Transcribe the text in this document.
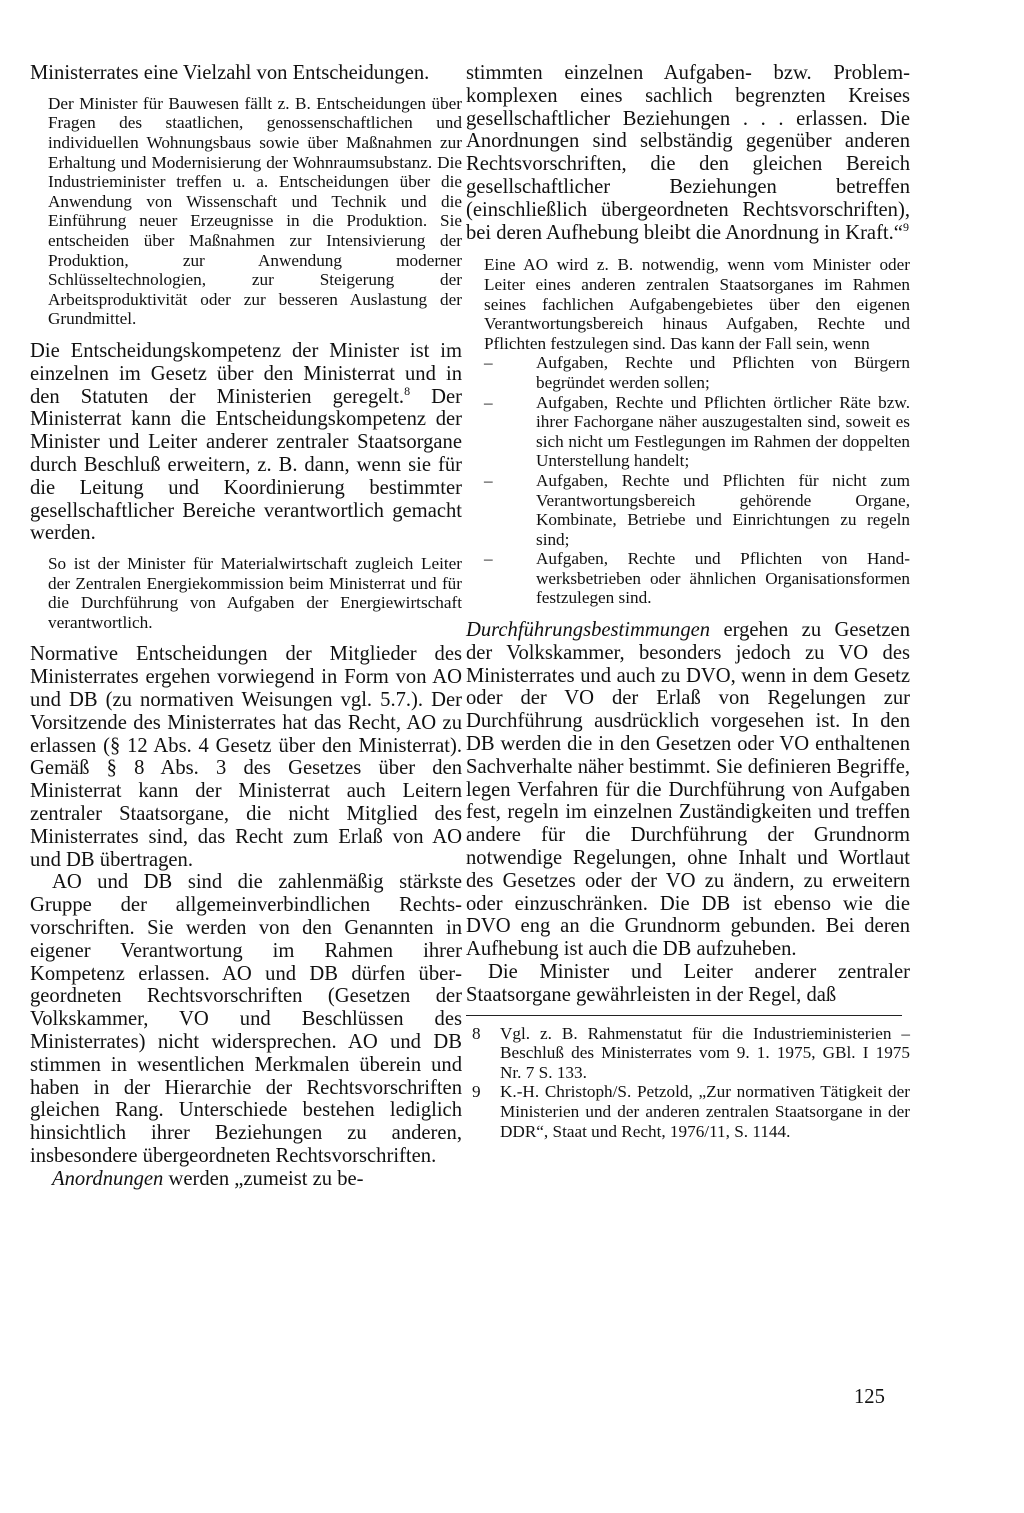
Ministerrates eine Vielzahl von Entscheidungen.

Der Minister für Bauwesen fällt z. B. Entscheidungen über Fragen des staatlichen, genossenschaftlichen und individuellen Wohnungsbaus sowie über Maßnahmen zur Erhaltung und Modernisierung der Wohnraumsubstanz. Die Industrieminister treffen u. a. Entscheidungen über die Anwendung von Wissenschaft und Technik und die Einführung neuer Erzeugnisse in die Produktion. Sie entscheiden über Maßnahmen zur Intensivierung der Produktion, zur Anwendung moderner Schlüsseltechnologien, zur Steigerung der Arbeitsproduktivität oder zur besseren Auslastung der Grundmittel.

Die Entscheidungskompetenz der Minister ist im einzelnen im Gesetz über den Ministerrat und in den Statuten der Ministerien geregelt.$^8$ Der Ministerrat kann die Entscheidungskompetenz der Minister und Leiter anderer zentraler Staatsorgane durch Beschluß erweitern, z. B. dann, wenn sie für die Leitung und Koordinierung bestimmter gesellschaftlicher Bereiche verantwortlich gemacht werden.

So ist der Minister für Materialwirtschaft zugleich Leiter der Zentralen Energiekommission beim Ministerrat und für die Durchführung von Aufgaben der Energiewirtschaft verantwortlich.

Normative Entscheidungen der Mitglieder des Ministerrates ergehen vorwiegend in Form von AO und DB (zu normativen Weisungen vgl. 5.7.). Der Vorsitzende des Ministerrates hat das Recht, AO zu erlassen (§ 12 Abs. 4 Gesetz über den Ministerrat). Gemäß § 8 Abs. 3 des Gesetzes über den Ministerrat kann der Ministerrat auch Leitern zentraler Staatsorgane, die nicht Mitglied des Ministerrates sind, das Recht zum Erlaß von AO und DB übertragen.

AO und DB sind die zahlenmäßig stärkste Gruppe der allgemeinverbindlichen Rechtsvorschriften. Sie werden von den Genannten in eigener Verantwortung im Rahmen ihrer Kompetenz erlassen. AO und DB dürfen übergeordneten Rechtsvorschriften (Gesetzen der Volkskammer, VO und Beschlüssen des Ministerrates) nicht widersprechen. AO und DB stimmen in wesentlichen Merkmalen überein und haben in der Hierarchie der Rechtsvorschriften gleichen Rang. Unterschiede bestehen lediglich hinsichtlich ihrer Beziehungen zu anderen, insbesondere übergeordneten Rechtsvorschriften.

Anordnungen werden „zumeist zu be-

stimmten einzelnen Aufgaben- bzw. Problemkomplexen eines sachlich begrenzten Kreises gesellschaftlicher Beziehungen . . . erlassen. Die Anordnungen sind selbständig gegenüber anderen Rechtsvorschriften, die den gleichen Bereich gesellschaftlicher Beziehungen betreffen (einschließlich übergeordneten Rechtsvorschriften), bei deren Aufhebung bleibt die Anordnung in Kraft.“$^9$

Eine AO wird z. B. notwendig, wenn vom Minister oder Leiter eines anderen zentralen Staatsorganes im Rahmen seines fachlichen Aufgabengebietes über den eigenen Verantwortungsbereich hinaus Aufgaben, Rechte und Pflichten festzulegen sind. Das kann der Fall sein, wenn

–	Aufgaben, Rechte und Pflichten von Bürgern begründet werden sollen;
–	Aufgaben, Rechte und Pflichten örtlicher Räte bzw. ihrer Fachorgane näher auszugestalten sind, soweit es sich nicht um Festlegungen im Rahmen der doppelten Unterstellung handelt;
–	Aufgaben, Rechte und Pflichten für nicht zum Verantwortungsbereich gehörende Organe, Kombinate, Betriebe und Einrichtungen zu regeln sind;
–	Aufgaben, Rechte und Pflichten von Handwerksbetrieben oder ähnlichen Organisationsformen festzulegen sind.

Durchführungsbestimmungen ergehen zu Gesetzen der Volkskammer, besonders jedoch zu VO des Ministerrates und auch zu DVO, wenn in dem Gesetz oder der VO der Erlaß von Regelungen zur Durchführung ausdrücklich vorgesehen ist. In den DB werden die in den Gesetzen oder VO enthaltenen Sachverhalte näher bestimmt. Sie definieren Begriffe, legen Verfahren für die Durchführung von Aufgaben fest, regeln im einzelnen Zuständigkeiten und treffen andere für die Durchführung der Grundnorm notwendige Regelungen, ohne Inhalt und Wortlaut des Gesetzes oder der VO zu ändern, zu erweitern oder einzuschränken. Die DB ist ebenso wie die DVO eng an die Grundnorm gebunden. Bei deren Aufhebung ist auch die DB aufzuheben.

Die Minister und Leiter anderer zentraler Staatsorgane gewährleisten in der Regel, daß

8 Vgl. z. B. Rahmenstatut für die Industrieministerien – Beschluß des Ministerrates vom 9. 1. 1975, GBl. I 1975 Nr. 7 S. 133.
9 K.-H. Christoph/S. Petzold, „Zur normativen Tätigkeit der Ministerien und der anderen zentralen Staatsorgane in der DDR“, Staat und Recht, 1976/11, S. 1144.
125
